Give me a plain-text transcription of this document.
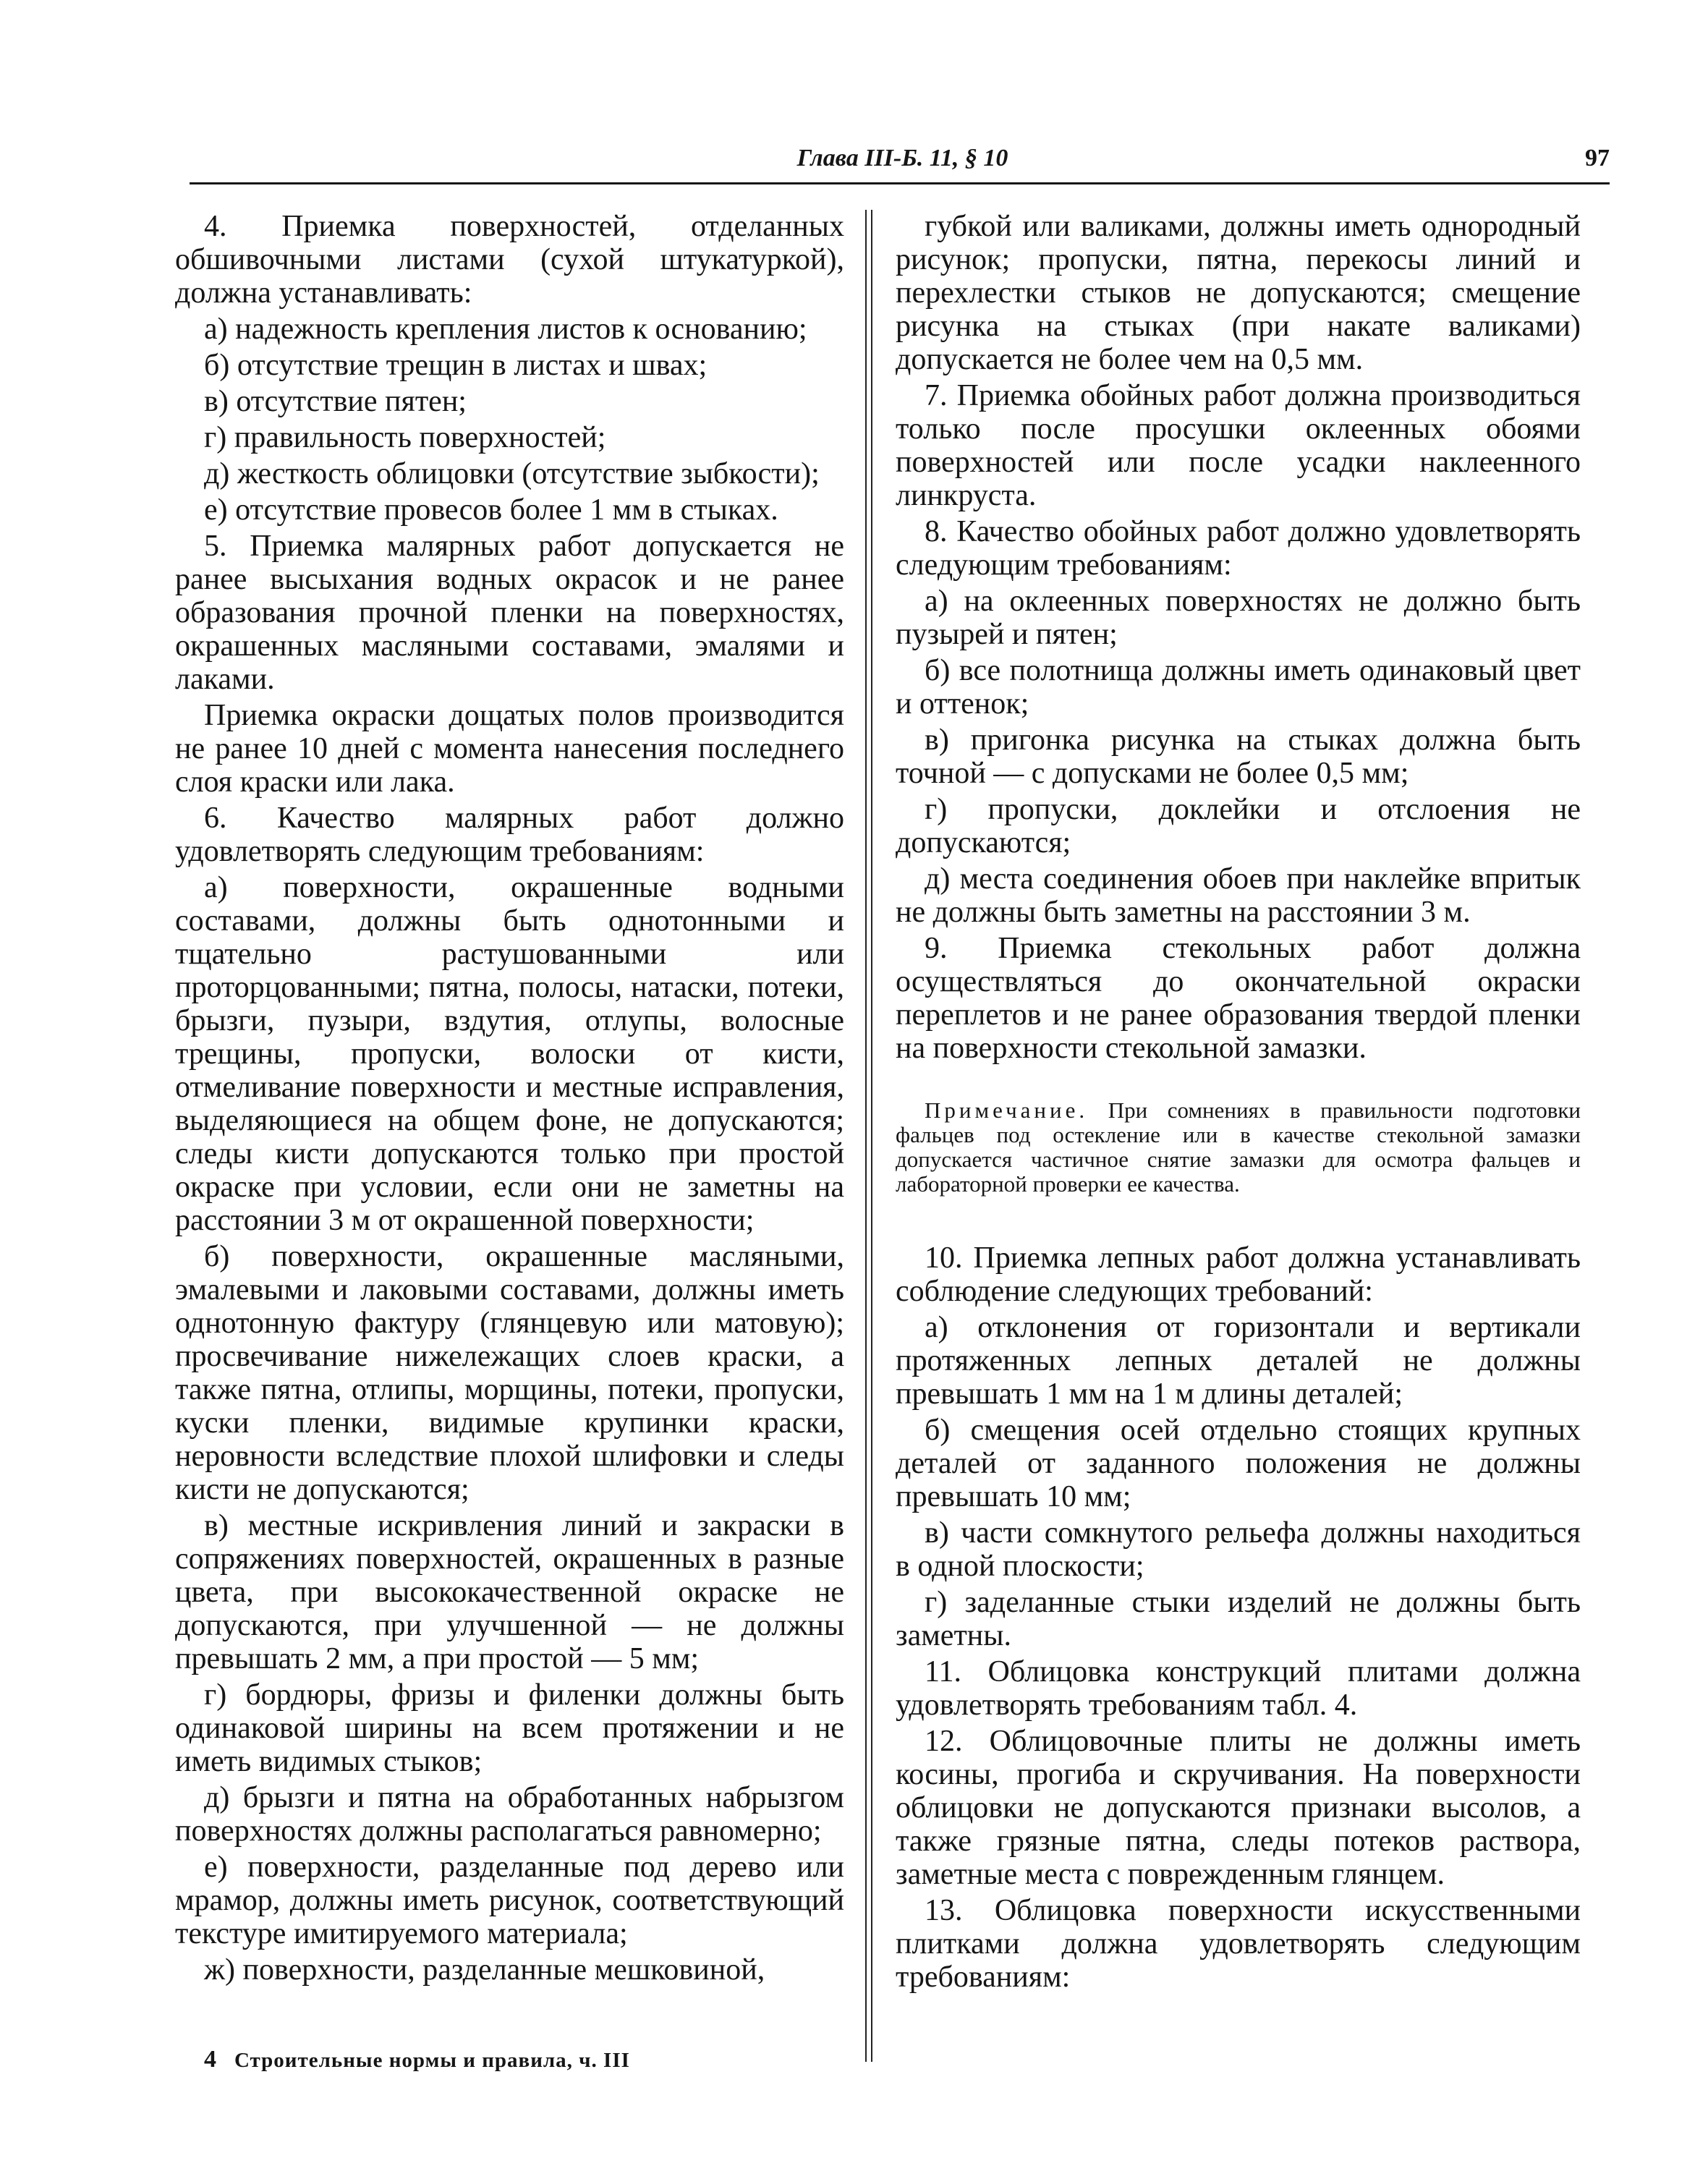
Глава III-Б. 11, § 10	97

4. Приемка поверхностей, отделанных обшивочными листами (сухой штукатуркой), должна устанавливать:

а) надежность крепления листов к основанию;

б) отсутствие трещин в листах и швах;

в) отсутствие пятен;

г) правильность поверхностей;

д) жесткость облицовки (отсутствие зыбкости);

е) отсутствие провесов более 1 мм в стыках.

5. Приемка малярных работ допускается не ранее высыхания водных окрасок и не ранее образования прочной пленки на поверхностях, окрашенных масляными составами, эмалями и лаками.

Приемка окраски дощатых полов производится не ранее 10 дней с момента нанесения последнего слоя краски или лака.

6. Качество малярных работ должно удовлетворять следующим требованиям:

а) поверхности, окрашенные водными составами, должны быть однотонными и тщательно растушованными или проторцованными; пятна, полосы, натаски, потеки, брызги, пузыри, вздутия, отлупы, волосные трещины, пропуски, волоски от кисти, отмеливание поверхности и местные исправления, выделяющиеся на общем фоне, не допускаются; следы кисти допускаются только при простой окраске при условии, если они не заметны на расстоянии 3 м от окрашенной поверхности;

б) поверхности, окрашенные масляными, эмалевыми и лаковыми составами, должны иметь однотонную фактуру (глянцевую или матовую); просвечивание нижележащих слоев краски, а также пятна, отлипы, морщины, потеки, пропуски, куски пленки, видимые крупинки краски, неровности вследствие плохой шлифовки и следы кисти не допускаются;

в) местные искривления линий и закраски в сопряжениях поверхностей, окрашенных в разные цвета, при высококачественной окраске не допускаются, при улучшенной — не должны превышать 2 мм, а при простой — 5 мм;

г) бордюры, фризы и филенки должны быть одинаковой ширины на всем протяжении и не иметь видимых стыков;

д) брызги и пятна на обработанных набрызгом поверхностях должны располагаться равномерно;

е) поверхности, разделанные под дерево или мрамор, должны иметь рисунок, соответствующий текстуре имитируемого материала;

ж) поверхности, разделанные мешковиной,

губкой или валиками, должны иметь однородный рисунок; пропуски, пятна, перекосы линий и перехлестки стыков не допускаются; смещение рисунка на стыках (при накате валиками) допускается не более чем на 0,5 мм.

7. Приемка обойных работ должна производиться только после просушки оклеенных обоями поверхностей или после усадки наклеенного линкруста.

8. Качество обойных работ должно удовлетворять следующим требованиям:

а) на оклеенных поверхностях не должно быть пузырей и пятен;

б) все полотнища должны иметь одинаковый цвет и оттенок;

в) пригонка рисунка на стыках должна быть точной — с допусками не более 0,5 мм;

г) пропуски, доклейки и отслоения не допускаются;

д) места соединения обоев при наклейке впритык не должны быть заметны на расстоянии 3 м.

9. Приемка стекольных работ должна осуществляться до окончательной окраски переплетов и не ранее образования твердой пленки на поверхности стекольной замазки.

Примечание. При сомнениях в правильности подготовки фальцев под остекление или в качестве стекольной замазки допускается частичное снятие замазки для осмотра фальцев и лабораторной проверки ее качества.

10. Приемка лепных работ должна устанавливать соблюдение следующих требований:

а) отклонения от горизонтали и вертикали протяженных лепных деталей не должны превышать 1 мм на 1 м длины деталей;

б) смещения осей отдельно стоящих крупных деталей от заданного положения не должны превышать 10 мм;

в) части сомкнутого рельефа должны находиться в одной плоскости;

г) заделанные стыки изделий не должны быть заметны.

11. Облицовка конструкций плитами должна удовлетворять требованиям табл. 4.

12. Облицовочные плиты не должны иметь косины, прогиба и скручивания. На поверхности облицовки не допускаются признаки высолов, а также грязные пятна, следы потеков раствора, заметные места с поврежденным глянцем.

13. Облицовка поверхности искусственными плитками должна удовлетворять следующим требованиям:

4 Строительные нормы и правила, ч. III
